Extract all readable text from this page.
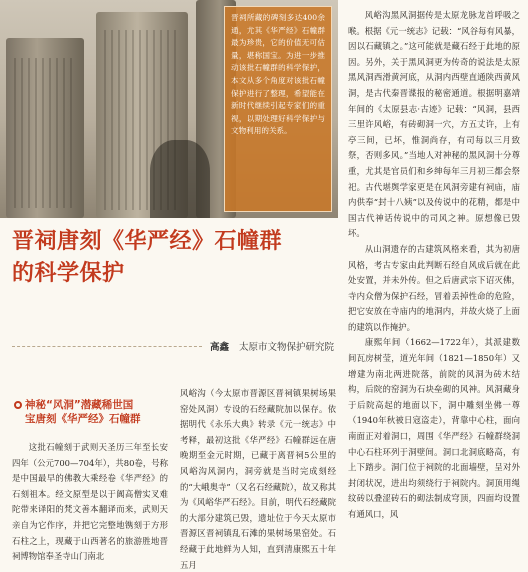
晋祠所藏的碑刻多达400余通，尤其《华严经》石幢群最为珍贵，它的价值无可估量，堪称国宝。为进一步推动该批石幢群的科学保护，本文从多个角度对该批石幢保护进行了整理，希望能在新时代继续引起专家们的重视，以期处理好科学保护与文物利用的关系。
晋祠唐刻《华严经》石幢群
的科学保护
高鑫 太原市文物保护研究院
神秘“风洞”潜藏稀世国
宝唐刻《华严经》石幢群

这批石幢刻于武则天圣历三年至长安四年（公元700—704年），共80卷，号称是中国最早的佛教大乘经卷《华严经》的石刻祖本。经文原型是以于阗高僧实叉难陀带来译阳的梵文善本翻译而来，武则天亲自为它作序，并把它完整地镌刻于方形石柱之上，现藏于山西著名的旅游胜地晋祠博物馆奉圣寺山门南北

风峪沟（今太原市晋源区晋祠镇果树场果窑处风洞）专设的石经藏院加以保存。依据明代《永乐大典》转录《元一统志》中考释，最初这批《华严经》石幢群远在唐晚期至金元时期，已藏于离晋祠5公里的风峪沟风洞内，洞旁就是当时完成刻经的“大峨奥寺”（又名石经藏院），故又称其为《风峪华严石经》。目前，明代石经藏院的大部分建筑已毁，遗址位于今天太原市晋源区晋祠镇乱石滩的果树场果窑处。石经藏于此地鲜为人知，直到清康熙五十年五月

风峪沟黑风洞据传是太原龙脉龙首呼吸之喉。根据《元一统志》记载：“风谷每有风暴，因以石藏镇之。”这可能就是藏石经于此地的原因。另外，关于黑风洞更为传奇的说法是太原黑风洞西滑黄河底，从洞内西壁直通陕西黄风洞，是古代秦晋谍报的秘密通道。根据明嘉靖年间的《太原县志·古迹》记载：“风洞，县西三里许风峪，有砖砌洞一穴，方五丈许，上有亭三间，已坏，惟洞尚存，有司每以三月致祭，否则多风。”当地人对神秘的黑风洞十分尊重，尤其是官员们和乡绅每年三月初三都会祭祀。古代堪舆学家更是在风洞旁建有祠庙，庙内供奉“封十八姨”以及传说中的花精，都是中国古代神话传说中的司风之神。原想像已毁坏。

从山洞遗存的古建筑风格来看，其为初唐风格，考古专家由此判断石经自风成后就在此处安置，并未外传。但之后唐武宗下诏灭佛，寺内众僧为保护石经，冒着丢掉性命的危险，把它安放在寺庙内的地洞内，并故火烧了上面的建筑以作掩护。

康熙年间（1662—1722年），其派建数间瓦房树莹，道光年间（1821—1850年）又增建为南北两进院落，前院的风洞为砖木结构，后院的窑洞为石块垒砌的风神。风洞藏身于后院高起的地面以下，洞中雕刻坐佛一尊（1940年秋被日寇盗走），背靠中心柱，面向南面正对着洞口，周围《华严经》石幢群绕洞中心石柱环列于洞壁间。洞口北洞底略高，有上下踏步。洞门位于祠院的北面墙壁，呈对外封闭状况，进出均须绕行于祠院内。洞顶用绳纹砖以叠涩砖石的砌法制成穹顶，四面均设置有通风口，风
